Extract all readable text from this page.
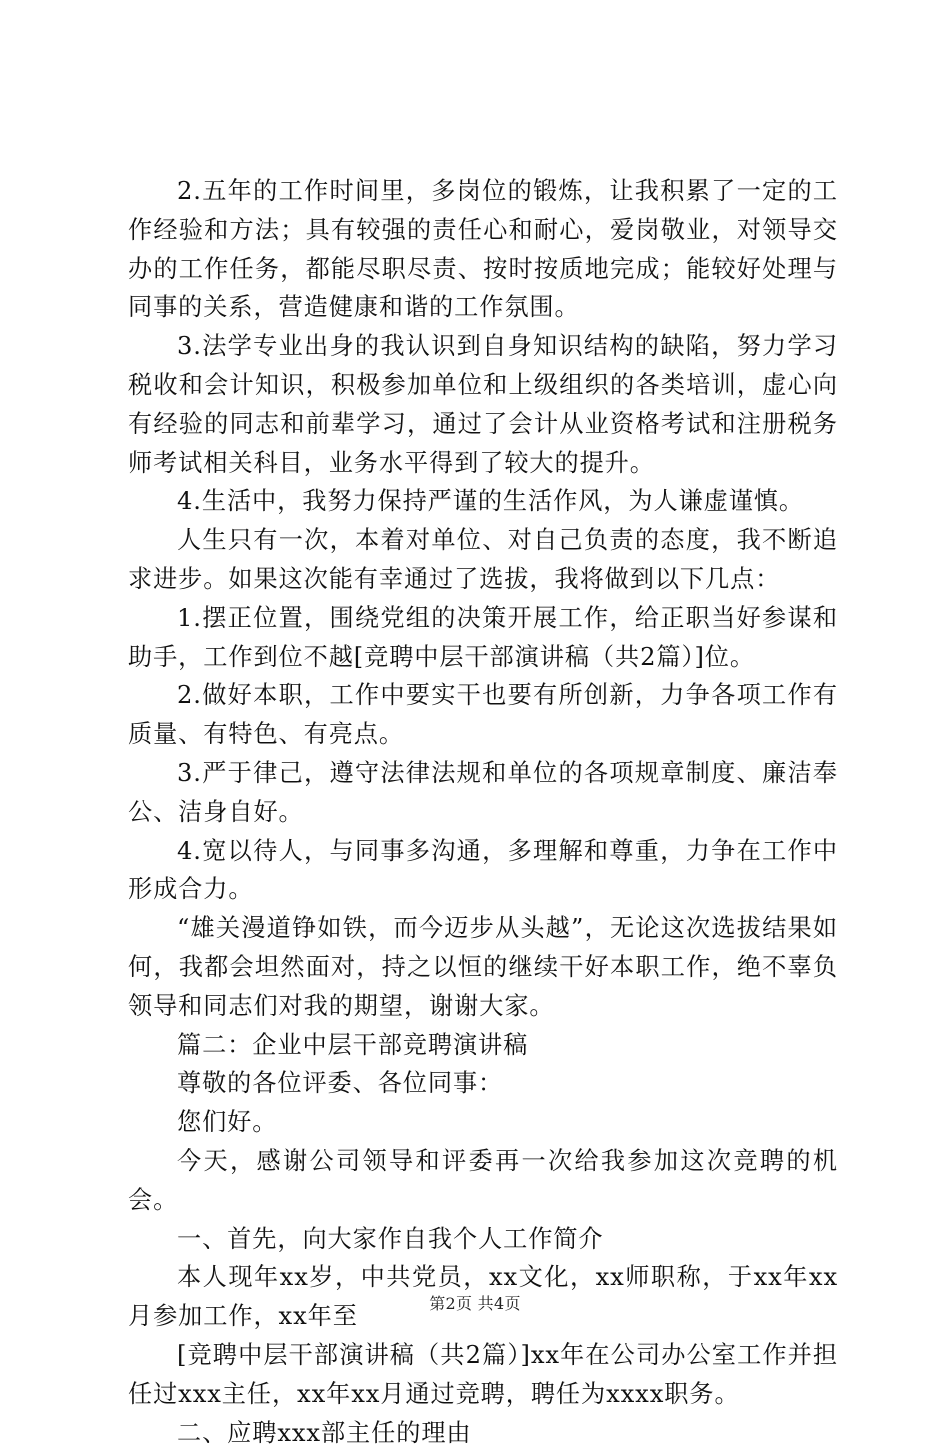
2.五年的工作时间里，多岗位的锻炼，让我积累了一定的工作经验和方法；具有较强的责任心和耐心，爱岗敬业，对领导交办的工作任务，都能尽职尽责、按时按质地完成；能较好处理与同事的关系，营造健康和谐的工作氛围。

3.法学专业出身的我认识到自身知识结构的缺陷，努力学习税收和会计知识，积极参加单位和上级组织的各类培训，虚心向有经验的同志和前辈学习，通过了会计从业资格考试和注册税务师考试相关科目，业务水平得到了较大的提升。

4.生活中，我努力保持严谨的生活作风，为人谦虚谨慎。

人生只有一次，本着对单位、对自己负责的态度，我不断追求进步。如果这次能有幸通过了选拔，我将做到以下几点：

1.摆正位置，围绕党组的决策开展工作，给正职当好参谋和助手，工作到位不越[竞聘中层干部演讲稿（共2篇）]位。

2.做好本职，工作中要实干也要有所创新，力争各项工作有质量、有特色、有亮点。

3.严于律己，遵守法律法规和单位的各项规章制度、廉洁奉公、洁身自好。

4.宽以待人，与同事多沟通，多理解和尊重，力争在工作中形成合力。

“雄关漫道铮如铁，而今迈步从头越”，无论这次选拔结果如何，我都会坦然面对，持之以恒的继续干好本职工作，绝不辜负领导和同志们对我的期望，谢谢大家。

篇二：企业中层干部竞聘演讲稿

尊敬的各位评委、各位同事：

您们好。

今天，感谢公司领导和评委再一次给我参加这次竞聘的机会。

一、首先，向大家作自我个人工作简介

本人现年xx岁，中共党员，xx文化，xx师职称，于xx年xx月参加工作，xx年至

[竞聘中层干部演讲稿（共2篇）]xx年在公司办公室工作并担任过xxx主任，xx年xx月通过竞聘，聘任为xxxx职务。

二、应聘xxx部主任的理由

第2页 共4页
